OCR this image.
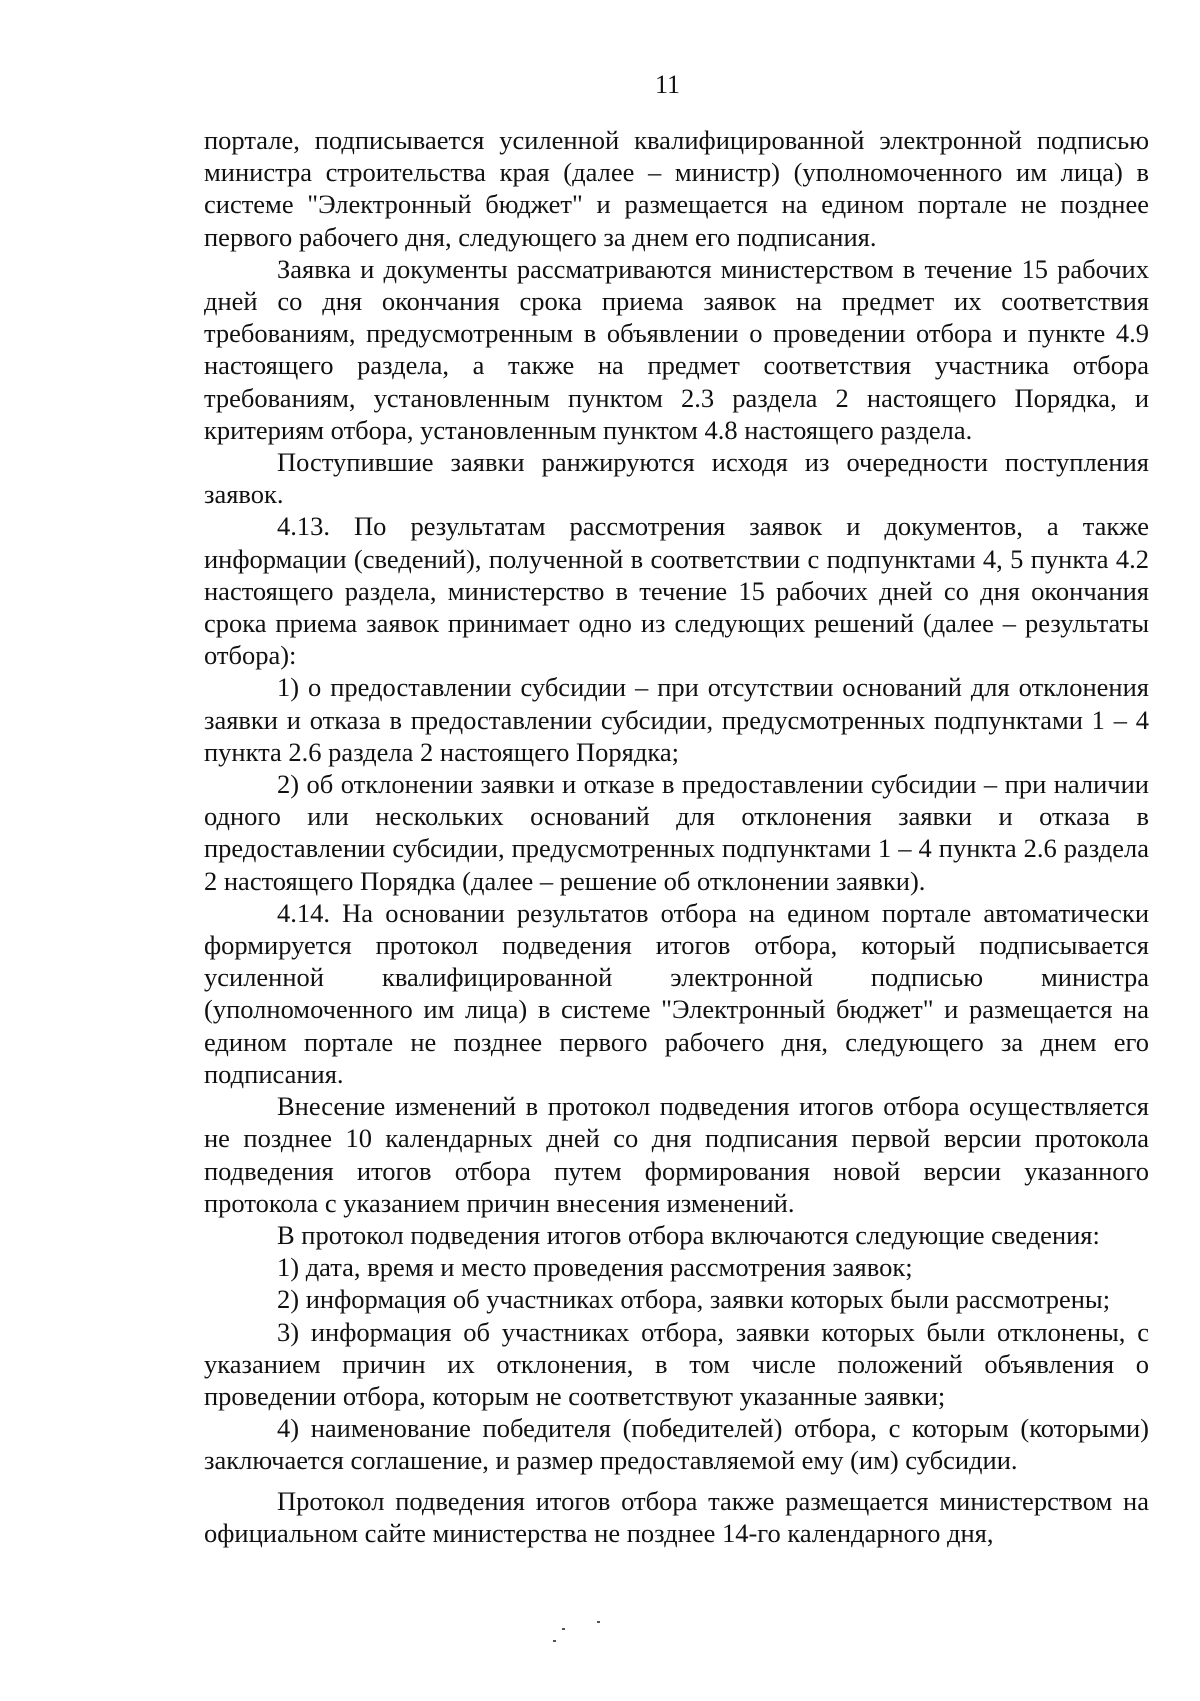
11

порталe, подписывается усиленной квалифицированной электронной подписью министра строительства края (далее – министр) (уполномоченного им лица) в системе "Электронный бюджет" и размещается на едином портале не позднее первого рабочего дня, следующего за днем его подписания.

Заявка и документы рассматриваются министерством в течение 15 рабочих дней со дня окончания срока приема заявок на предмет их соответствия требованиям, предусмотренным в объявлении о проведении отбора и пункте 4.9 настоящего раздела, а также на предмет соответствия участника отбора требованиям, установленным пунктом 2.3 раздела 2 настоящего Порядка, и критериям отбора, установленным пунктом 4.8 настоящего раздела.

Поступившие заявки ранжируются исходя из очередности поступления заявок.

4.13. По результатам рассмотрения заявок и документов, а также информации (сведений), полученной в соответствии с подпунктами 4, 5 пункта 4.2 настоящего раздела, министерство в течение 15 рабочих дней со дня окончания срока приема заявок принимает одно из следующих решений (далее – результаты отбора):

1) о предоставлении субсидии – при отсутствии оснований для отклонения заявки и отказа в предоставлении субсидии, предусмотренных подпунктами 1 – 4 пункта 2.6 раздела 2 настоящего Порядка;

2) об отклонении заявки и отказе в предоставлении субсидии – при наличии одного или нескольких оснований для отклонения заявки и отказа в предоставлении субсидии, предусмотренных подпунктами 1 – 4 пункта 2.6 раздела 2 настоящего Порядка (далее – решение об отклонении заявки).

4.14. На основании результатов отбора на едином портале автоматически формируется протокол подведения итогов отбора, который подписывается усиленной квалифицированной электронной подписью министра (уполномоченного им лица) в системе "Электронный бюджет" и размещается на едином портале не позднее первого рабочего дня, следующего за днем его подписания.

Внесение изменений в протокол подведения итогов отбора осуществляется не позднее 10 календарных дней со дня подписания первой версии протокола подведения итогов отбора путем формирования новой версии указанного протокола с указанием причин внесения изменений.

В протокол подведения итогов отбора включаются следующие сведения:

1) дата, время и место проведения рассмотрения заявок;

2) информация об участниках отбора, заявки которых были рассмотрены;

3) информация об участниках отбора, заявки которых были отклонены, с указанием причин их отклонения, в том числе положений объявления о проведении отбора, которым не соответствуют указанные заявки;

4) наименование победителя (победителей) отбора, с которым (которыми) заключается соглашение, и размер предоставляемой ему (им) субсидии.

Протокол подведения итогов отбора также размещается министерством на официальном сайте министерства не позднее 14-го календарного дня,
